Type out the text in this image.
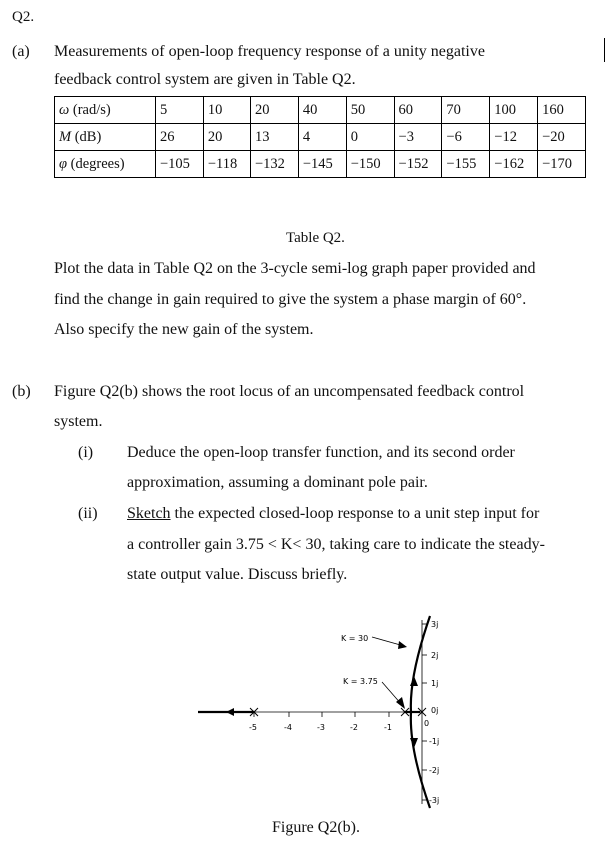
Q2.
(a) Measurements of open-loop frequency response of a unity negative
feedback control system are given in Table Q2.
ω (rad/s)	5	10	20	40	50	60	70	100	160
M (dB)	26	20	13	4	0	−3	−6	−12	−20
φ (degrees)	−105	−118	−132	−145	−150	−152	−155	−162	−170
Table Q2.
Plot the data in Table Q2 on the 3-cycle semi-log graph paper provided and
find the change in gain required to give the system a phase margin of 60°.
Also specify the new gain of the system.
(b) Figure Q2(b) shows the root locus of an uncompensated feedback control
system.
(i) Deduce the open-loop transfer function, and its second order
approximation, assuming a dominant pole pair.
(ii) Sketch the expected closed-loop response to a unit step input for
a controller gain 3.75 < K< 30, taking care to indicate the steady-
state output value. Discuss briefly.
K = 30
K = 3.75
-5	-4	-3	-2	-1	0
3j
2j
1j
0j
-1j
-2j
-3j
Figure Q2(b).
